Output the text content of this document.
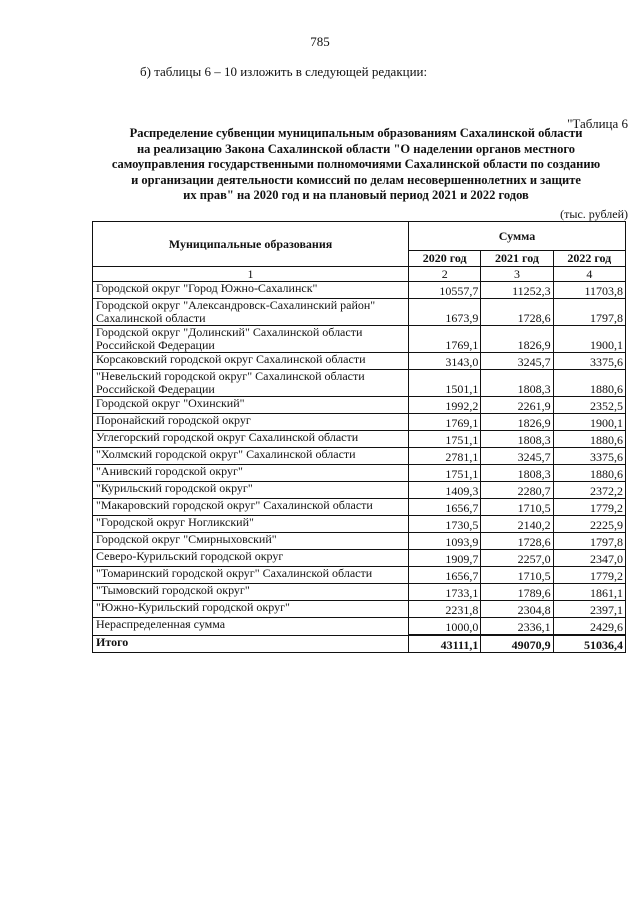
785
б) таблицы 6 – 10 изложить в следующей редакции:
"Таблица 6
Распределение субвенции муниципальным образованиям Сахалинской области
на реализацию Закона Сахалинской области "О наделении органов местного
самоуправления государственными полномочиями Сахалинской области по созданию
и организации деятельности комиссий по делам несовершеннолетних и защите
их прав" на 2020 год и на плановый период 2021 и 2022 годов
(тыс. рублей)
Муниципальные образования	Сумма		
	2020 год	2021 год	2022 год
1	2	3	4
Городской округ "Город Южно-Сахалинск"	10557,7	11252,3	11703,8
Городской округ "Александровск-Сахалинский район" Сахалинской области	1673,9	1728,6	1797,8
Городской округ "Долинский" Сахалинской области Российской Федерации	1769,1	1826,9	1900,1
Корсаковский городской округ Сахалинской области	3143,0	3245,7	3375,6
"Невельский городской округ" Сахалинской области Российской Федерации	1501,1	1808,3	1880,6
Городской округ "Охинский"	1992,2	2261,9	2352,5
Поронайский городской округ	1769,1	1826,9	1900,1
Углегорский городской округ Сахалинской области	1751,1	1808,3	1880,6
"Холмский городской округ" Сахалинской области	2781,1	3245,7	3375,6
"Анивский городской округ"	1751,1	1808,3	1880,6
"Курильский городской округ"	1409,3	2280,7	2372,2
"Макаровский городской округ" Сахалинской области	1656,7	1710,5	1779,2
"Городской округ Ногликский"	1730,5	2140,2	2225,9
Городской округ "Смирныховский"	1093,9	1728,6	1797,8
Северо-Курильский городской округ	1909,7	2257,0	2347,0
"Томаринский городской округ" Сахалинской области	1656,7	1710,5	1779,2
"Тымовский городской округ"	1733,1	1789,6	1861,1
"Южно-Курильский городской округ"	2231,8	2304,8	2397,1
Нераспределенная сумма	1000,0	2336,1	2429,6
Итого	43111,1	49070,9	51036,4
